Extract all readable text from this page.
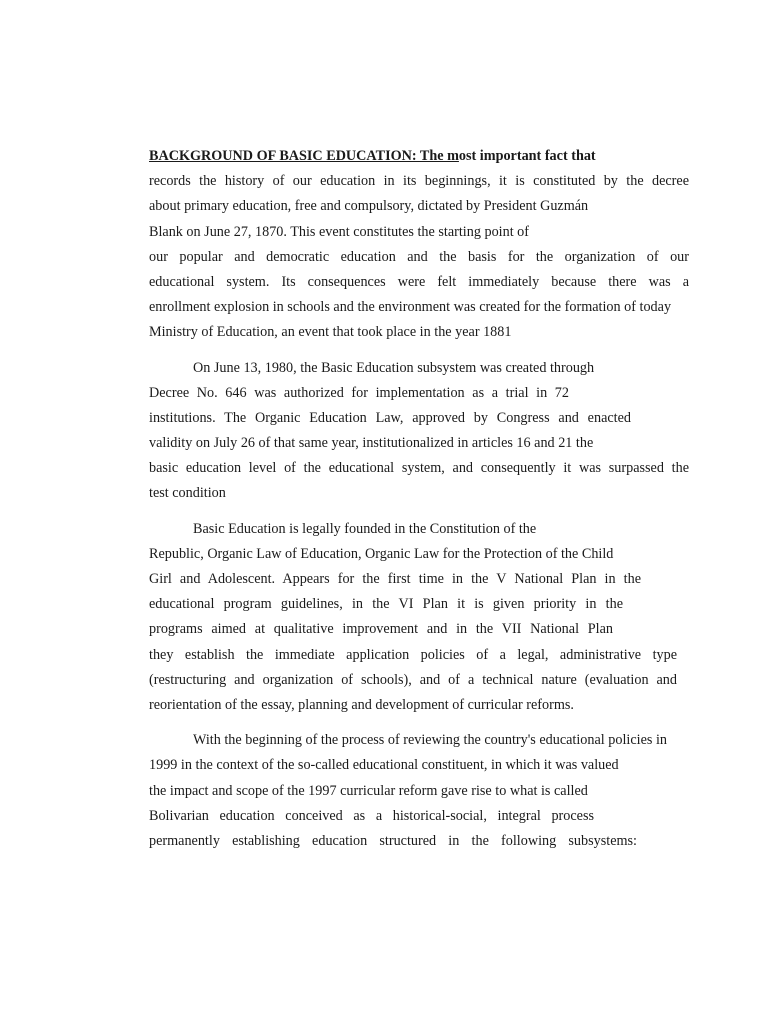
BACKGROUND OF BASIC EDUCATION: The most important fact that
records the history of our education in its beginnings, it is constituted by the decree
about primary education, free and compulsory, dictated by President Guzmán
Blank on June 27, 1870. This event constitutes the starting point of
our popular and democratic education and the basis for the organization of our
educational system. Its consequences were felt immediately because there was a
enrollment explosion in schools and the environment was created for the formation of today
Ministry of Education, an event that took place in the year 1881
On June 13, 1980, the Basic Education subsystem was created through
Decree No. 646 was authorized for implementation as a trial in 72
institutions. The Organic Education Law, approved by Congress and enacted
validity on July 26 of that same year, institutionalized in articles 16 and 21 the
basic education level of the educational system, and consequently it was surpassed the
test condition
Basic Education is legally founded in the Constitution of the
Republic, Organic Law of Education, Organic Law for the Protection of the Child
Girl and Adolescent. Appears for the first time in the V National Plan in the
educational program guidelines, in the VI Plan it is given priority in the
programs aimed at qualitative improvement and in the VII National Plan
they establish the immediate application policies of a legal, administrative type
(restructuring and organization of schools), and of a technical nature (evaluation and
reorientation of the essay, planning and development of curricular reforms.
With the beginning of the process of reviewing the country's educational policies in
1999 in the context of the so-called educational constituent, in which it was valued
the impact and scope of the 1997 curricular reform gave rise to what is called
Bolivarian education conceived as a historical-social, integral process
permanently establishing education structured in the following subsystems:
